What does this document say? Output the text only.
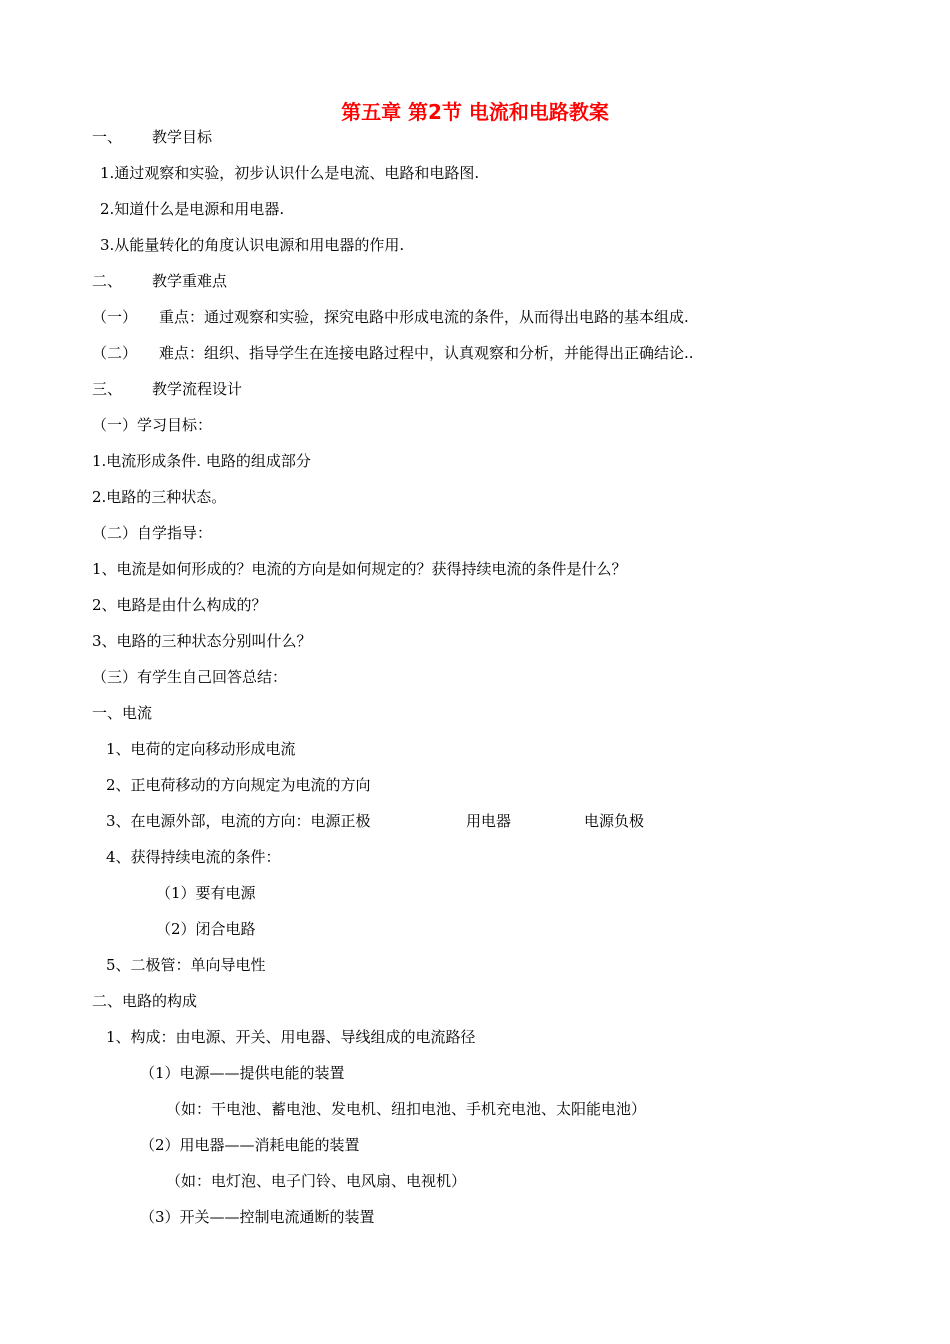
第五章 第2节 电流和电路教案
一、 教学目标
1.通过观察和实验，初步认识什么是电流、电路和电路图.
2.知道什么是电源和用电器.
3.从能量转化的角度认识电源和用电器的作用.
二、 教学重难点
（一） 重点：通过观察和实验，探究电路中形成电流的条件，从而得出电路的基本组成.
（二） 难点：组织、指导学生在连接电路过程中，认真观察和分析，并能得出正确结论..
三、 教学流程设计
（一）学习目标：
1.电流形成条件. 电路的组成部分
2.电路的三种状态。
（二）自学指导：
1、电流是如何形成的？电流的方向是如何规定的？获得持续电流的条件是什么？
2、电路是由什么构成的？
3、电路的三种状态分别叫什么？
（三）有学生自己回答总结：
一、电流
1、电荷的定向移动形成电流
2、正电荷移动的方向规定为电流的方向
3、在电源外部，电流的方向：电源正极	用电器	电源负极
4、获得持续电流的条件：
（1）要有电源
（2）闭合电路
5、二极管：单向导电性
二、电路的构成
1、构成：由电源、开关、用电器、导线组成的电流路径
（1）电源——提供电能的装置
（如：干电池、蓄电池、发电机、纽扣电池、手机充电池、太阳能电池）
（2）用电器——消耗电能的装置
（如：电灯泡、电子门铃、电风扇、电视机）
（3）开关——控制电流通断的装置
